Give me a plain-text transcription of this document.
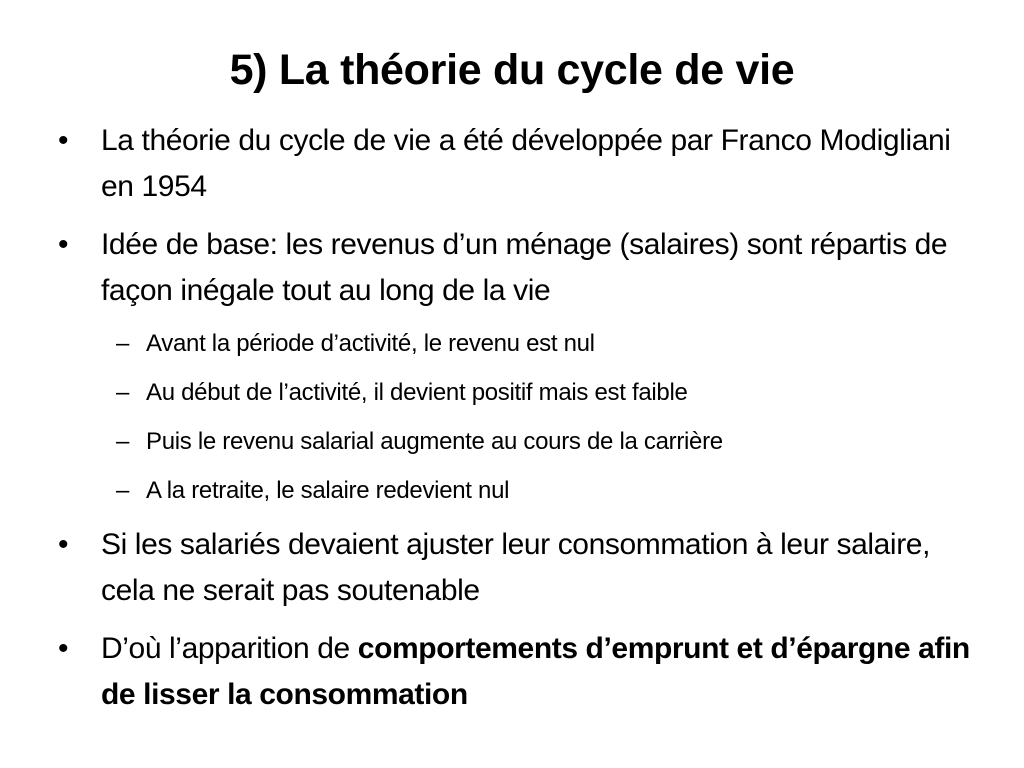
5) La théorie du cycle de vie
•	La théorie du cycle de vie a été développée par Franco Modigliani en 1954
•	Idée de base: les revenus d’un ménage (salaires) sont répartis de façon inégale tout au long de la vie
– Avant la période d’activité, le revenu est nul
– Au début de l’activité, il devient positif mais est faible
– Puis le revenu salarial augmente au cours de la carrière
– A la retraite, le salaire redevient nul
•	Si les salariés devaient ajuster leur consommation à leur salaire, cela ne serait pas soutenable
•	D’où l’apparition de comportements d’emprunt et d’épargne afin de lisser la consommation
